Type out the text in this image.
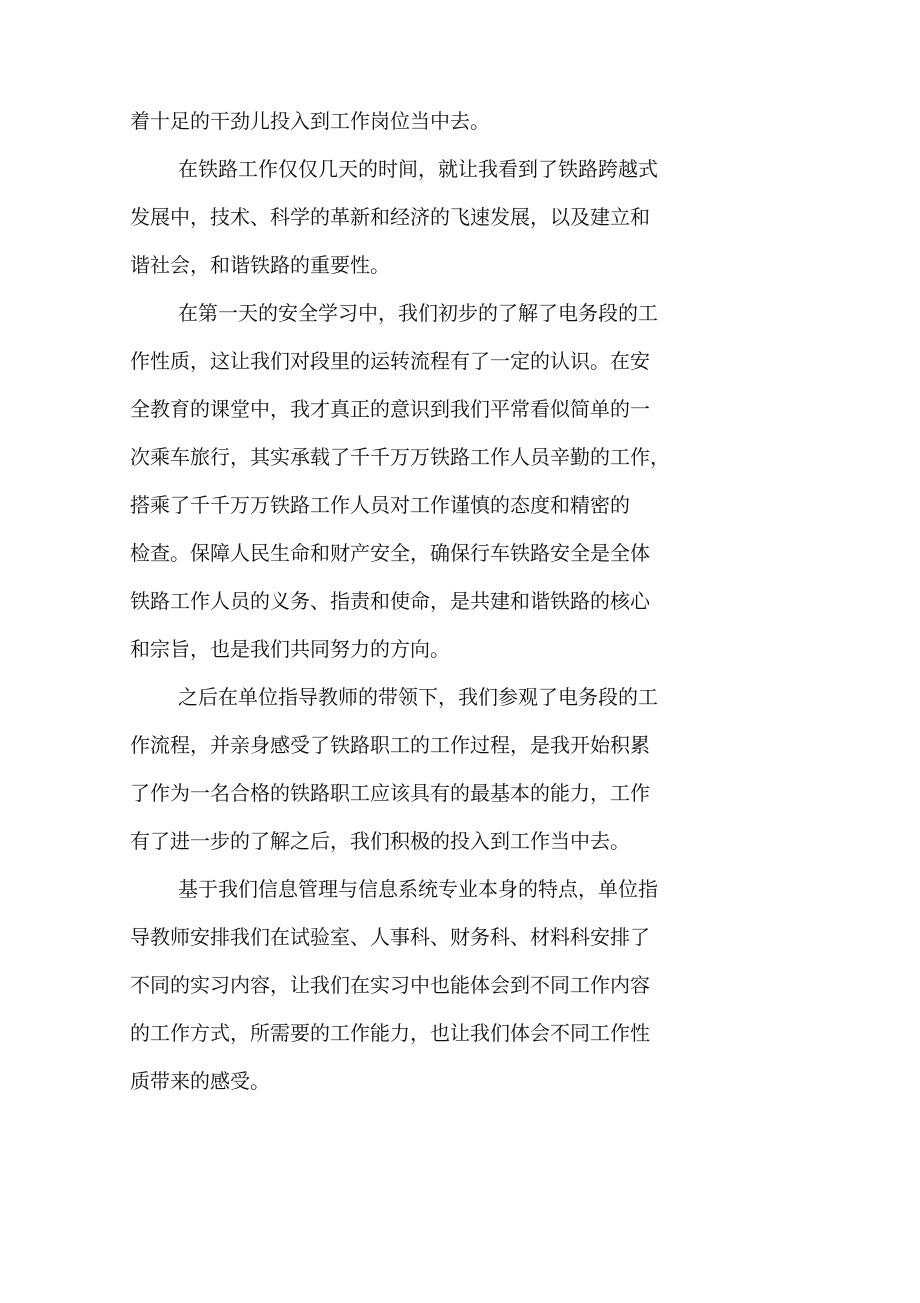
着十足的干劲儿投入到工作岗位当中去。
在铁路工作仅仅几天的时间，就让我看到了铁路跨越式
发展中，技术、科学的革新和经济的飞速发展，以及建立和
谐社会，和谐铁路的重要性。
在第一天的安全学习中，我们初步的了解了电务段的工
作性质，这让我们对段里的运转流程有了一定的认识。在安
全教育的课堂中，我才真正的意识到我们平常看似简单的一
次乘车旅行，其实承载了千千万万铁路工作人员辛勤的工作，
搭乘了千千万万铁路工作人员对工作谨慎的态度和精密的
检查。保障人民生命和财产安全，确保行车铁路安全是全体
铁路工作人员的义务、指责和使命，是共建和谐铁路的核心
和宗旨，也是我们共同努力的方向。
之后在单位指导教师的带领下，我们参观了电务段的工
作流程，并亲身感受了铁路职工的工作过程，是我开始积累
了作为一名合格的铁路职工应该具有的最基本的能力，工作
有了进一步的了解之后，我们积极的投入到工作当中去。
基于我们信息管理与信息系统专业本身的特点，单位指
导教师安排我们在试验室、人事科、财务科、材料科安排了
不同的实习内容，让我们在实习中也能体会到不同工作内容
的工作方式，所需要的工作能力，也让我们体会不同工作性
质带来的感受。
